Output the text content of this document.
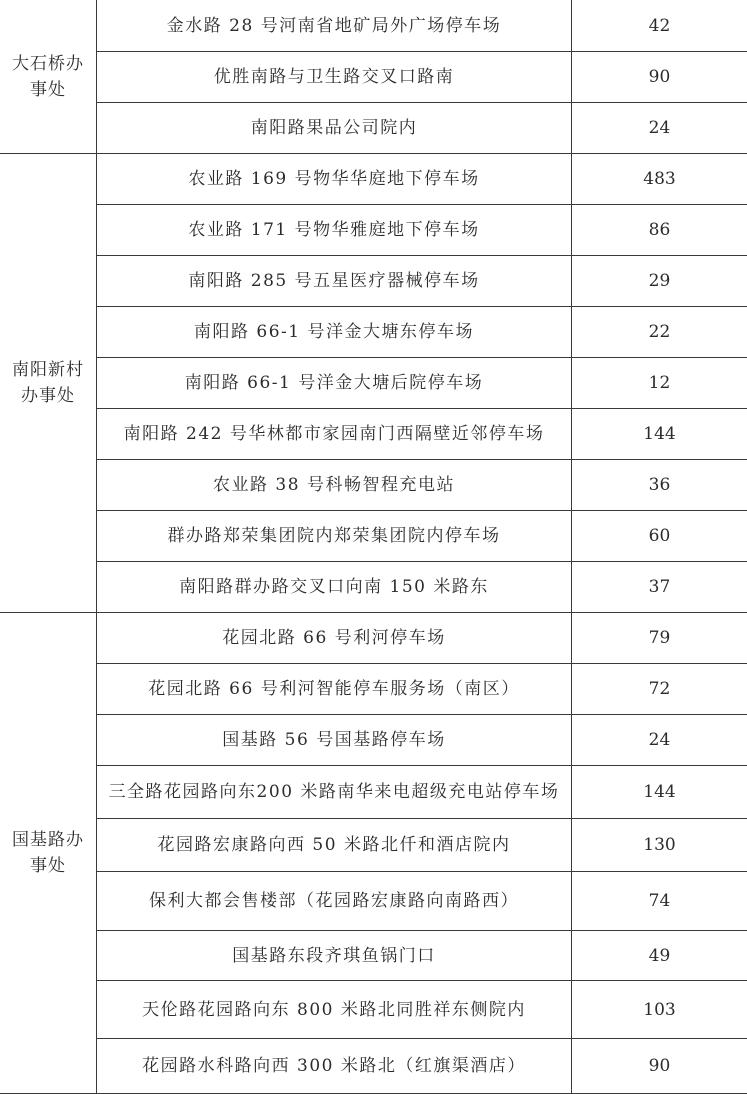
大石桥办事处	金水路 28 号河南省地矿局外广场停车场	42
	优胜南路与卫生路交叉口路南	90
	南阳路果品公司院内	24
南阳新村办事处	农业路 169 号物华华庭地下停车场	483
	农业路 171 号物华雅庭地下停车场	86
	南阳路 285 号五星医疗器械停车场	29
	南阳路 66-1 号洋金大塘东停车场	22
	南阳路 66-1 号洋金大塘后院停车场	12
	南阳路 242 号华林都市家园南门西隔壁近邻停车场	144
	农业路 38 号科畅智程充电站	36
	群办路郑荣集团院内郑荣集团院内停车场	60
	南阳路群办路交叉口向南 150 米路东	37
国基路办事处	花园北路 66 号利河停车场	79
	花园北路 66 号利河智能停车服务场（南区）	72
	国基路 56 号国基路停车场	24
	三全路花园路向东200 米路南华来电超级充电站停车场	144
	花园路宏康路向西 50 米路北仟和酒店院内	130
	保利大都会售楼部（花园路宏康路向南路西）	74
	国基路东段齐琪鱼锅门口	49
	天伦路花园路向东 800 米路北同胜祥东侧院内	103
	花园路水科路向西 300 米路北（红旗渠酒店）	90
